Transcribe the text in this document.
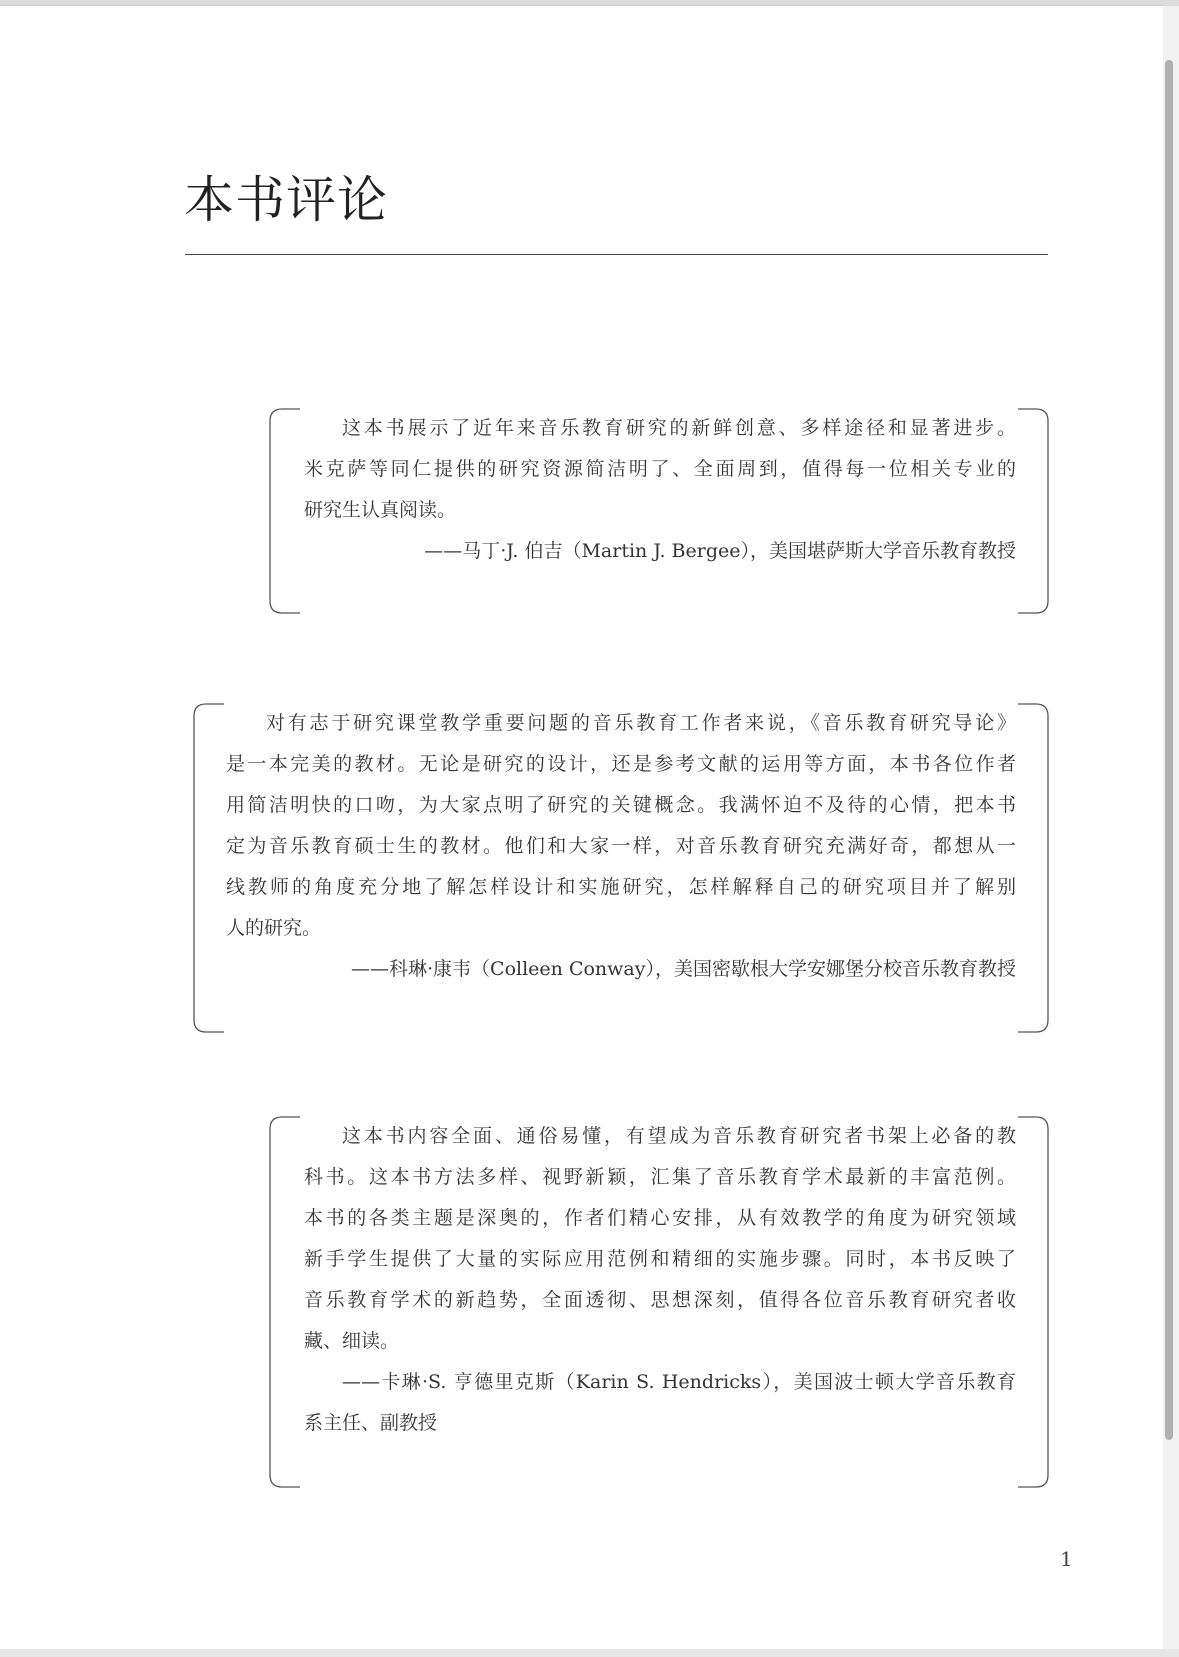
本书评论
这本书展示了近年来音乐教育研究的新鲜创意、多样途径和显著进步。
米克萨等同仁提供的研究资源简洁明了、全面周到，值得每一位相关专业的
研究生认真阅读。
——马丁·J. 伯吉（Martin J. Bergee），美国堪萨斯大学音乐教育教授
对有志于研究课堂教学重要问题的音乐教育工作者来说，《音乐教育研究导论》
是一本完美的教材。无论是研究的设计，还是参考文献的运用等方面，本书各位作者
用简洁明快的口吻，为大家点明了研究的关键概念。我满怀迫不及待的心情，把本书
定为音乐教育硕士生的教材。他们和大家一样，对音乐教育研究充满好奇，都想从一
线教师的角度充分地了解怎样设计和实施研究，怎样解释自己的研究项目并了解别
人的研究。
——科琳·康韦（Colleen Conway），美国密歇根大学安娜堡分校音乐教育教授
这本书内容全面、通俗易懂，有望成为音乐教育研究者书架上必备的教
科书。这本书方法多样、视野新颖，汇集了音乐教育学术最新的丰富范例。
本书的各类主题是深奥的，作者们精心安排，从有效教学的角度为研究领域
新手学生提供了大量的实际应用范例和精细的实施步骤。同时，本书反映了
音乐教育学术的新趋势，全面透彻、思想深刻，值得各位音乐教育研究者收
藏、细读。
——卡琳·S. 亨德里克斯（Karin S. Hendricks），美国波士顿大学音乐教育
系主任、副教授
1
